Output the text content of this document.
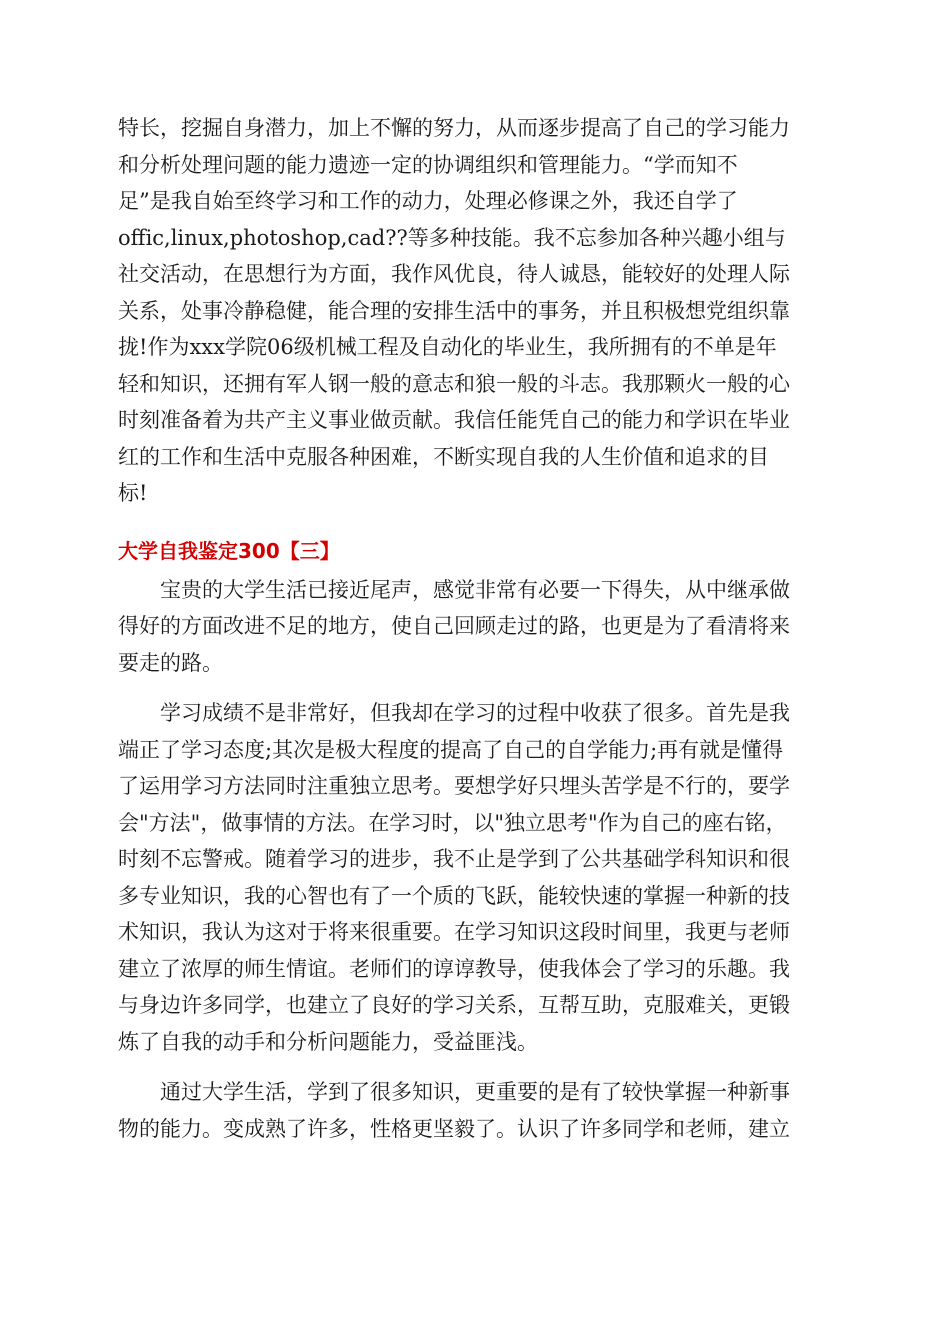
特长，挖掘自身潜力，加上不懈的努力，从而逐步提高了自己的学习能力
和分析处理问题的能力遗迹一定的协调组织和管理能力。“学而知不
足”是我自始至终学习和工作的动力，处理必修课之外，我还自学了
offic,linux,photoshop,cad??等多种技能。我不忘参加各种兴趣小组与
社交活动，在思想行为方面，我作风优良，待人诚恳，能较好的处理人际
关系，处事冷静稳健，能合理的安排生活中的事务，并且积极想党组织靠
拢!作为xxx学院06级机械工程及自动化的毕业生，我所拥有的不单是年
轻和知识，还拥有军人钢一般的意志和狼一般的斗志。我那颗火一般的心
时刻准备着为共产主义事业做贡献。我信任能凭自己的能力和学识在毕业
红的工作和生活中克服各种困难，不断实现自我的人生价值和追求的目
标!
大学自我鉴定300【三】
宝贵的大学生活已接近尾声，感觉非常有必要一下得失，从中继承做
得好的方面改进不足的地方，使自己回顾走过的路，也更是为了看清将来
要走的路。
学习成绩不是非常好，但我却在学习的过程中收获了很多。首先是我
端正了学习态度;其次是极大程度的提高了自己的自学能力;再有就是懂得
了运用学习方法同时注重独立思考。要想学好只埋头苦学是不行的，要学
会"方法"，做事情的方法。在学习时，以"独立思考"作为自己的座右铭，
时刻不忘警戒。随着学习的进步，我不止是学到了公共基础学科知识和很
多专业知识，我的心智也有了一个质的飞跃，能较快速的掌握一种新的技
术知识，我认为这对于将来很重要。在学习知识这段时间里，我更与老师
建立了浓厚的师生情谊。老师们的谆谆教导，使我体会了学习的乐趣。我
与身边许多同学，也建立了良好的学习关系，互帮互助，克服难关，更锻
炼了自我的动手和分析问题能力，受益匪浅。
通过大学生活，学到了很多知识，更重要的是有了较快掌握一种新事
物的能力。变成熟了许多，性格更坚毅了。认识了许多同学和老师，建立
